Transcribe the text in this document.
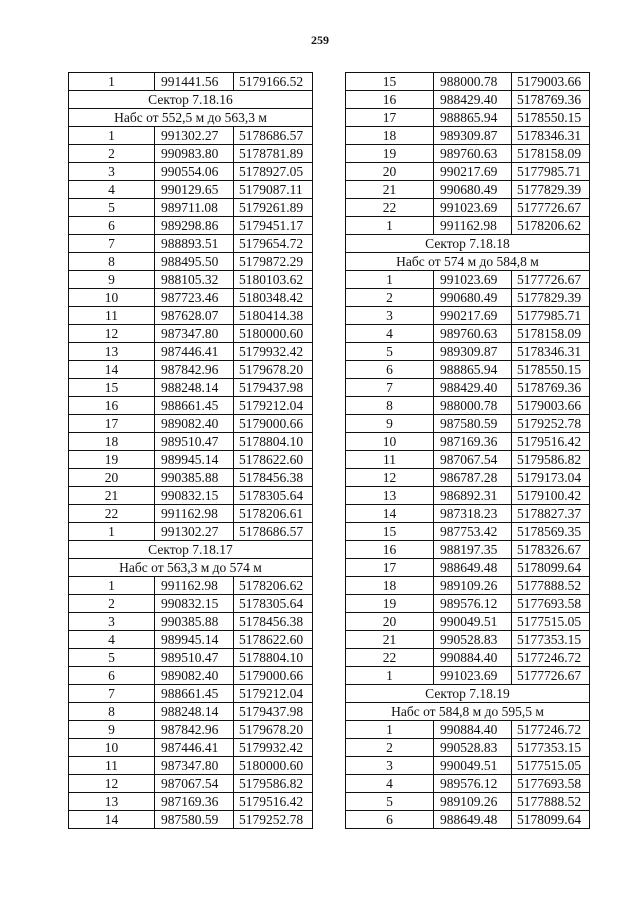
259
1	991441.56	5179166.52
Сектор 7.18.16		
Набс от 552,5 м до 563,3 м		
1	991302.27	5178686.57
2	990983.80	5178781.89
3	990554.06	5178927.05
4	990129.65	5179087.11
5	989711.08	5179261.89
6	989298.86	5179451.17
7	988893.51	5179654.72
8	988495.50	5179872.29
9	988105.32	5180103.62
10	987723.46	5180348.42
11	987628.07	5180414.38
12	987347.80	5180000.60
13	987446.41	5179932.42
14	987842.96	5179678.20
15	988248.14	5179437.98
16	988661.45	5179212.04
17	989082.40	5179000.66
18	989510.47	5178804.10
19	989945.14	5178622.60
20	990385.88	5178456.38
21	990832.15	5178305.64
22	991162.98	5178206.61
1	991302.27	5178686.57
Сектор 7.18.17		
Набс от 563,3 м до 574 м		
1	991162.98	5178206.62
2	990832.15	5178305.64
3	990385.88	5178456.38
4	989945.14	5178622.60
5	989510.47	5178804.10
6	989082.40	5179000.66
7	988661.45	5179212.04
8	988248.14	5179437.98
9	987842.96	5179678.20
10	987446.41	5179932.42
11	987347.80	5180000.60
12	987067.54	5179586.82
13	987169.36	5179516.42
14	987580.59	5179252.78
15	988000.78	5179003.66
16	988429.40	5178769.36
17	988865.94	5178550.15
18	989309.87	5178346.31
19	989760.63	5178158.09
20	990217.69	5177985.71
21	990680.49	5177829.39
22	991023.69	5177726.67
1	991162.98	5178206.62
Сектор 7.18.18		
Набс от 574 м до 584,8 м		
1	991023.69	5177726.67
2	990680.49	5177829.39
3	990217.69	5177985.71
4	989760.63	5178158.09
5	989309.87	5178346.31
6	988865.94	5178550.15
7	988429.40	5178769.36
8	988000.78	5179003.66
9	987580.59	5179252.78
10	987169.36	5179516.42
11	987067.54	5179586.82
12	986787.28	5179173.04
13	986892.31	5179100.42
14	987318.23	5178827.37
15	987753.42	5178569.35
16	988197.35	5178326.67
17	988649.48	5178099.64
18	989109.26	5177888.52
19	989576.12	5177693.58
20	990049.51	5177515.05
21	990528.83	5177353.15
22	990884.40	5177246.72
1	991023.69	5177726.67
Сектор 7.18.19		
Набс от 584,8 м до 595,5 м		
1	990884.40	5177246.72
2	990528.83	5177353.15
3	990049.51	5177515.05
4	989576.12	5177693.58
5	989109.26	5177888.52
6	988649.48	5178099.64
